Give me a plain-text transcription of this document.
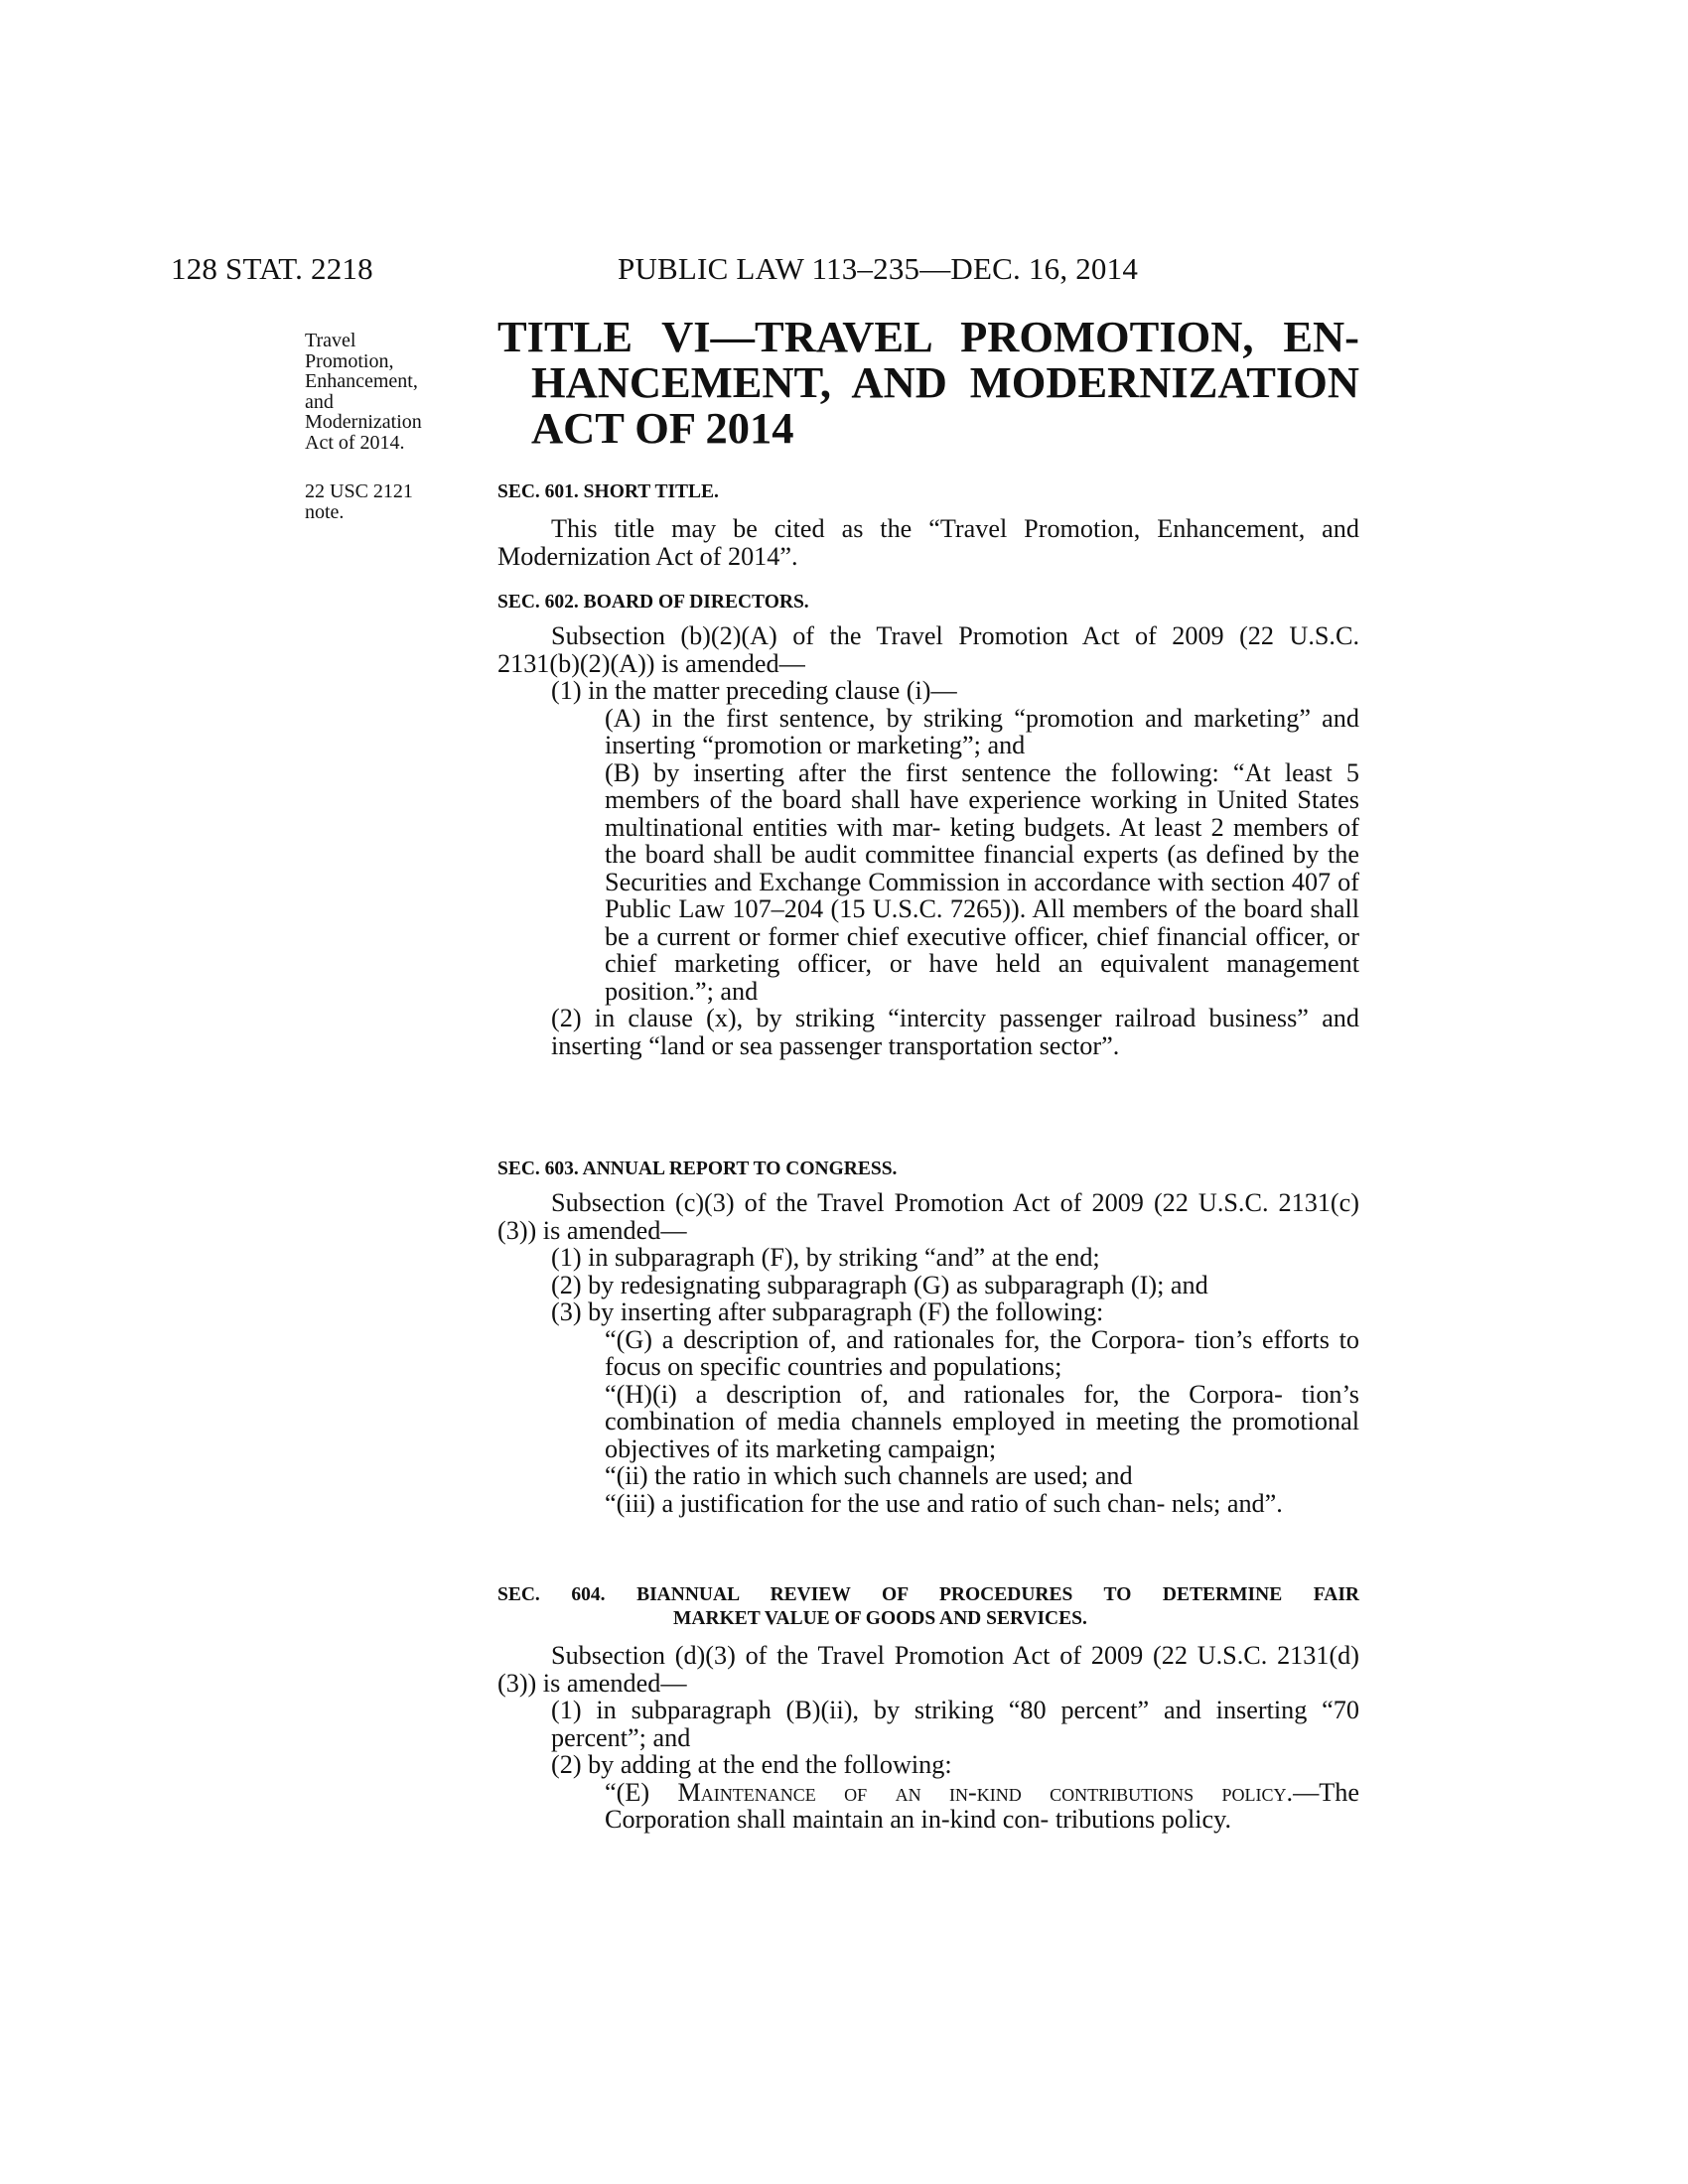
128 STAT. 2218	PUBLIC LAW 113–235—DEC. 16, 2014
Travel
Promotion,
Enhancement,
and
Modernization
Act of 2014.
22 USC 2121
note.
TITLE VI—TRAVEL PROMOTION, EN-
HANCEMENT, AND MODERNIZATION
ACT OF 2014
SEC. 601. SHORT TITLE.

This title may be cited as the “Travel Promotion, Enhancement, and Modernization Act of 2014”.

SEC. 602. BOARD OF DIRECTORS.

Subsection (b)(2)(A) of the Travel Promotion Act of 2009 (22 U.S.C. 2131(b)(2)(A)) is amended—

(1) in the matter preceding clause (i)—

(A) in the first sentence, by striking “promotion and marketing” and inserting “promotion or marketing”; and

(B) by inserting after the first sentence the following: “At least 5 members of the board shall have experience working in United States multinational entities with mar- keting budgets. At least 2 members of the board shall be audit committee financial experts (as defined by the Securities and Exchange Commission in accordance with section 407 of Public Law 107–204 (15 U.S.C. 7265)). All members of the board shall be a current or former chief executive officer, chief financial officer, or chief marketing officer, or have held an equivalent management position.”; and

(2) in clause (x), by striking “intercity passenger railroad business” and inserting “land or sea passenger transportation sector”.

SEC. 603. ANNUAL REPORT TO CONGRESS.

Subsection (c)(3) of the Travel Promotion Act of 2009 (22 U.S.C. 2131(c)(3)) is amended—

(1) in subparagraph (F), by striking “and” at the end;

(2) by redesignating subparagraph (G) as subparagraph (I); and

(3) by inserting after subparagraph (F) the following:

“(G) a description of, and rationales for, the Corpora- tion’s efforts to focus on specific countries and populations;

“(H)(i) a description of, and rationales for, the Corpora- tion’s combination of media channels employed in meeting the promotional objectives of its marketing campaign;

“(ii) the ratio in which such channels are used; and

“(iii) a justification for the use and ratio of such chan- nels; and”.

SEC. 604. BIANNUAL REVIEW OF PROCEDURES TO DETERMINE FAIR
MARKET VALUE OF GOODS AND SERVICES.

Subsection (d)(3) of the Travel Promotion Act of 2009 (22 U.S.C. 2131(d)(3)) is amended—

(1) in subparagraph (B)(ii), by striking “80 percent” and inserting “70 percent”; and

(2) by adding at the end the following:

“(E) Maintenance of an in-kind contributions policy.—The Corporation shall maintain an in-kind con- tributions policy.
